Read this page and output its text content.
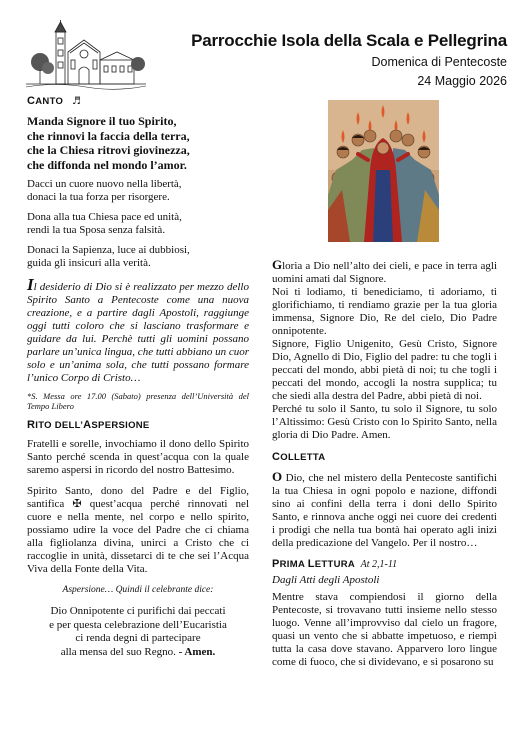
Parrocchie Isola della Scala e Pellegrina
Domenica di Pentecoste
24 Maggio 2026

CANTO ♬

Manda Signore il tuo Spirito,
che rinnovi la faccia della terra,
che la Chiesa ritrovi giovinezza,
che diffonda nel mondo l’amor.
Dacci un cuore nuovo nella libertà,
donaci la tua forza per risorgere.
Dona alla tua Chiesa pace ed unità,
rendi la tua Sposa senza falsità.
Donaci la Sapienza, luce ai dubbiosi,
guida gli insicuri alla verità.

Il desiderio di Dio si è realizzato per mezzo dello Spirito Santo a Pentecoste come una nuova creazione, e a partire dagli Apostoli, raggiunge oggi tutti coloro che si lasciano trasformare e guidare da lui. Perchè tutti gli uomini possano parlare un’unica lingua, che tutti abbiano un cuor solo e un’anima sola, che tutti possano formare l’unico Corpo di Cristo…

*S. Messa ore 17.00 (Sabato) presenza dell’Università del Tempo Libero

RITO DELL’ASPERSIONE

Fratelli e sorelle, invochiamo il dono dello Spirito Santo perché scenda in quest’acqua con la quale saremo aspersi in ricordo del nostro Battesimo.

Spirito Santo, dono del Padre e del Figlio, santifica ✠ quest’acqua perché rinnovati nel cuore e nella mente, nel corpo e nello spirito, possiamo udire la voce del Padre che ci chiama alla figliolanza divina, unirci a Cristo che ci raccoglie in unità, dissetarci di te che sei l’Acqua Viva della Fonte della Vita.

Aspersione… Quindi il celebrante dice:

Dio Onnipotente ci purifichi dai peccati
e per questa celebrazione dell’Eucaristia
ci renda degni di partecipare
alla mensa del suo Regno. - Amen.
Gloria a Dio nell’alto dei cieli, e pace in terra agli uomini amati dal Signore.
Noi ti lodiamo, ti benediciamo, ti adoriamo, ti glorifichiamo, ti rendiamo grazie per la tua gloria immensa, Signore Dio, Re del cielo, Dio Padre onnipotente.
Signore, Figlio Unigenito, Gesù Cristo, Signore Dio, Agnello di Dio, Figlio del padre: tu che togli i peccati del mondo, abbi pietà di noi; tu che togli i peccati del mondo, accogli la nostra supplica; tu che siedi alla destra del Padre, abbi pietà di noi.
Perché tu solo il Santo, tu solo il Signore, tu solo l’Altissimo: Gesù Cristo con lo Spirito Santo, nella gloria di Dio Padre. Amen.

COLLETTA

O Dio, che nel mistero della Pentecoste santifichi la tua Chiesa in ogni popolo e nazione, diffondi sino ai confini della terra i doni dello Spirito Santo, e rinnova anche oggi nei cuore dei credenti i prodigi che nella tua bontà hai operato agli inizi della predicazione del Vangelo. Per il nostro…

PRIMA LETTURA At 2,1-11

Dagli Atti degli Apostoli

Mentre stava compiendosi il giorno della Pentecoste, si trovavano tutti insieme nello stesso luogo. Venne all’improvviso dal cielo un fragore, quasi un vento che si abbatte impetuoso, e riempì tutta la casa dove stavano. Apparvero loro lingue come di fuoco, che si dividevano, e si posarono su
